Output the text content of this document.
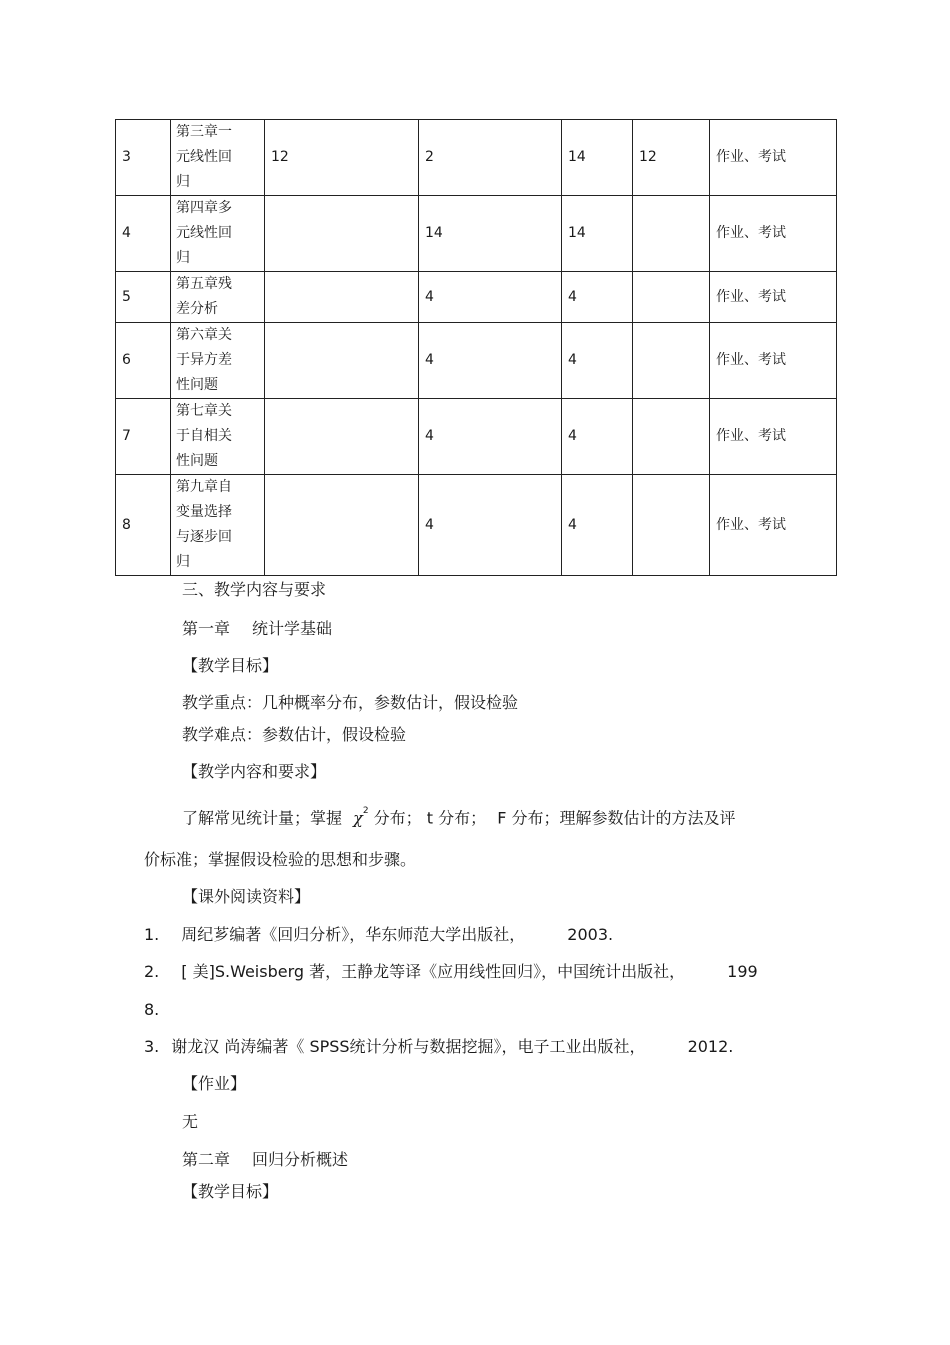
3	第三章一
元线性回
归	12	2	14	12	作业、考试
4	第四章多
元线性回
归		14	14		作业、考试
5	第五章残
差分析		4	4		作业、考试
6	第六章关
于异方差
性问题		4	4		作业、考试
7	第七章关
于自相关
性问题		4	4		作业、考试
8	第九章自
变量选择
与逐步回
归		4	4		作业、考试
三、教学内容与要求
第一章 统计学基础
【教学目标】
教学重点：几种概率分布，参数估计，假设检验
教学难点：参数估计，假设检验
【教学内容和要求】
了解常见统计量；掌握 $\chi^2$ 分布； t 分布； F 分布；理解参数估计的方法及评
价标准；掌握假设检验的思想和步骤。
【课外阅读资料】
1. 周纪芗编著《回归分析》，华东师范大学出版社，	2003.
2. [ 美]S.Weisberg 著，王静龙等译《应用线性回归》，中国统计出版社，	199
8.
3. 谢龙汉 尚涛编著《 SPSS统计分析与数据挖掘》，电子工业出版社，	2012.
【作业】
无
第二章 回归分析概述
【教学目标】
